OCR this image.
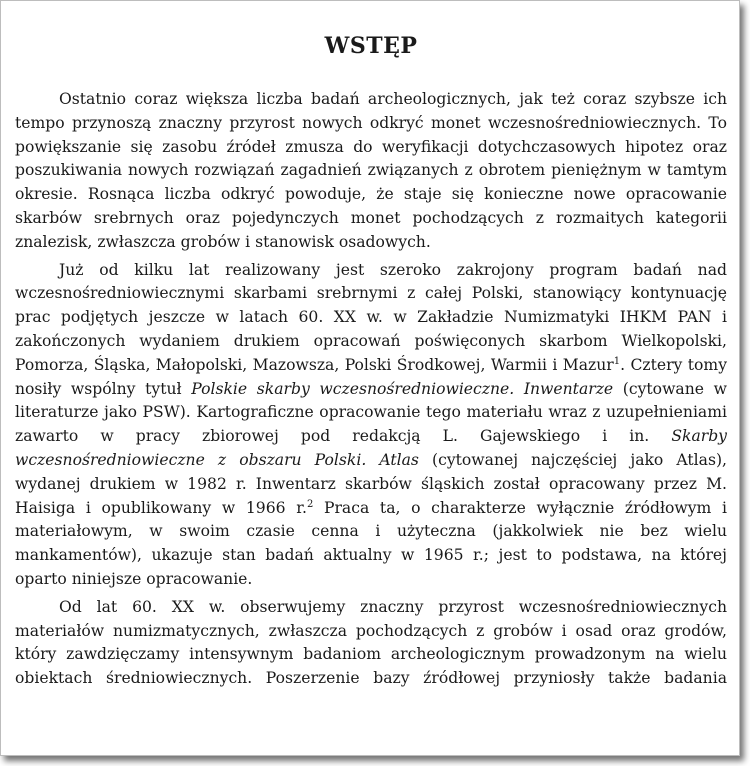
WSTĘP

Ostatnio coraz większa liczba badań archeologicznych, jak też coraz szybsze ich tempo przynoszą znaczny przyrost nowych odkryć monet wczesnośredniowiecznych. To powiększanie się zasobu źródeł zmusza do weryfikacji dotychczasowych hipotez oraz poszukiwania nowych rozwiązań zagadnień związanych z obrotem pieniężnym w tamtym okresie. Rosnąca liczba odkryć powoduje, że staje się konieczne nowe opracowanie skarbów srebrnych oraz pojedynczych monet pochodzących z rozmaitych kategorii znalezisk, zwłaszcza grobów i stanowisk osadowych.

Już od kilku lat realizowany jest szeroko zakrojony program badań nad wczesnośredniowiecznymi skarbami srebrnymi z całej Polski, stanowiący kontynuację prac podjętych jeszcze w latach 60. XX w. w Zakładzie Numizmatyki IHKM PAN i zakończonych wydaniem drukiem opracowań poświęconych skarbom Wielkopolski, Pomorza, Śląska, Małopolski, Mazowsza, Polski Środkowej, Warmii i Mazur$^1$. Cztery tomy nosiły wspólny tytuł Polskie skarby wczesnośredniowieczne. Inwentarze (cytowane w literaturze jako PSW). Kartograficzne opracowanie tego materiału wraz z uzupełnieniami zawarto w pracy zbiorowej pod redakcją L. Gajewskiego i in. Skarby wczesnośredniowieczne z obszaru Polski. Atlas (cytowanej najczęściej jako Atlas), wydanej drukiem w 1982 r. Inwentarz skarbów śląskich został opracowany przez M. Haisiga i opublikowany w 1966 r.$^2$ Praca ta, o charakterze wyłącznie źródłowym i materiałowym, w swoim czasie cenna i użyteczna (jakkolwiek nie bez wielu mankamentów), ukazuje stan badań aktualny w 1965 r.; jest to podstawa, na której oparto niniejsze opracowanie.

Od lat 60. XX w. obserwujemy znaczny przyrost wczesnośredniowiecznych materiałów numizmatycznych, zwłaszcza pochodzących z grobów i osad oraz grodów, który zawdzięczamy intensywnym badaniom archeologicznym prowadzonym na wielu obiektach średniowiecznych. Poszerzenie bazy źródłowej przyniosły także badania
